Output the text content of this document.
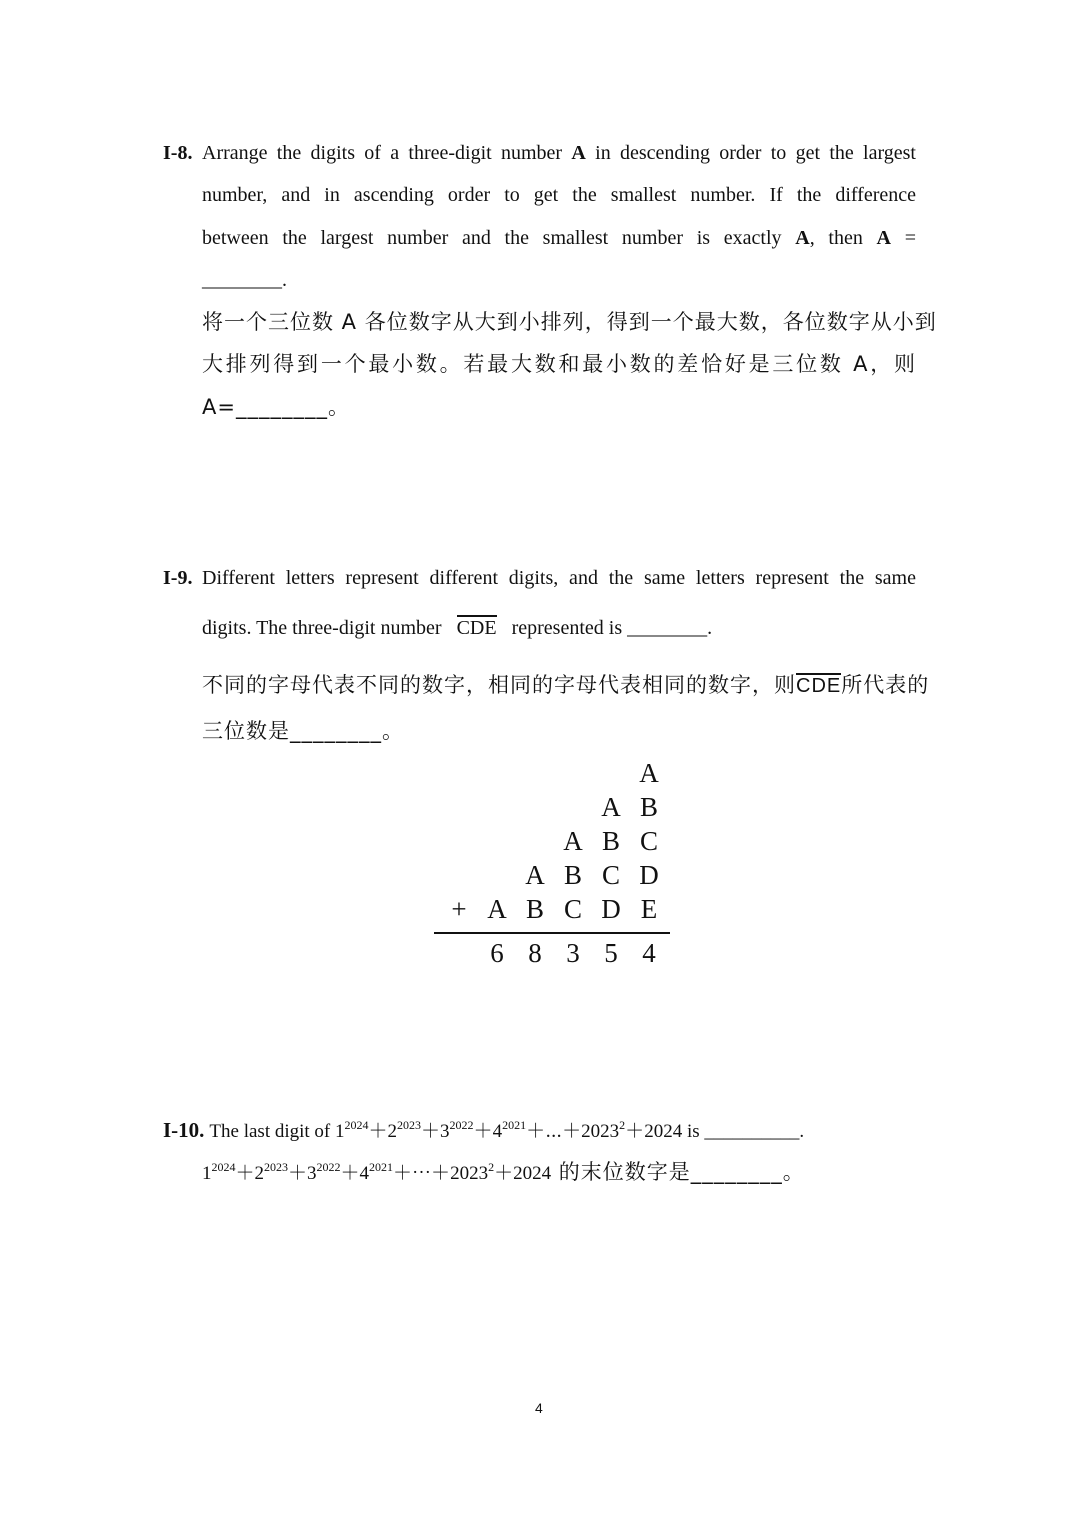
I-8. Arrange the digits of a three-digit number A in descending order to get the largest
number, and in ascending order to get the smallest number. If the difference
between the largest number and the smallest number is exactly A, then A =
________.
将一个三位数 A 各位数字从大到小排列，得到一个最大数，各位数字从小到
大排列得到一个最小数。若最大数和最小数的差恰好是三位数 A，则
A=________。
I-9. Different letters represent different digits, and the same letters represent the same
digits. The three-digit number CDE represented is ________.
不同的字母代表不同的数字，相同的字母代表相同的数字，则CDE所代表的
三位数是________。
A
A B
A B C
A B C D
+ A B C D E
6 8 3 5 4
I-10. The last digit of $1^{2024}+2^{2023}+3^{2022}+4^{2021}+\cdots+2023^2+2024$ is __________.
$1^{2024}+2^{2023}+3^{2022}+4^{2021}+\cdots+2023^2+2024$ 的末位数字是________。
4
